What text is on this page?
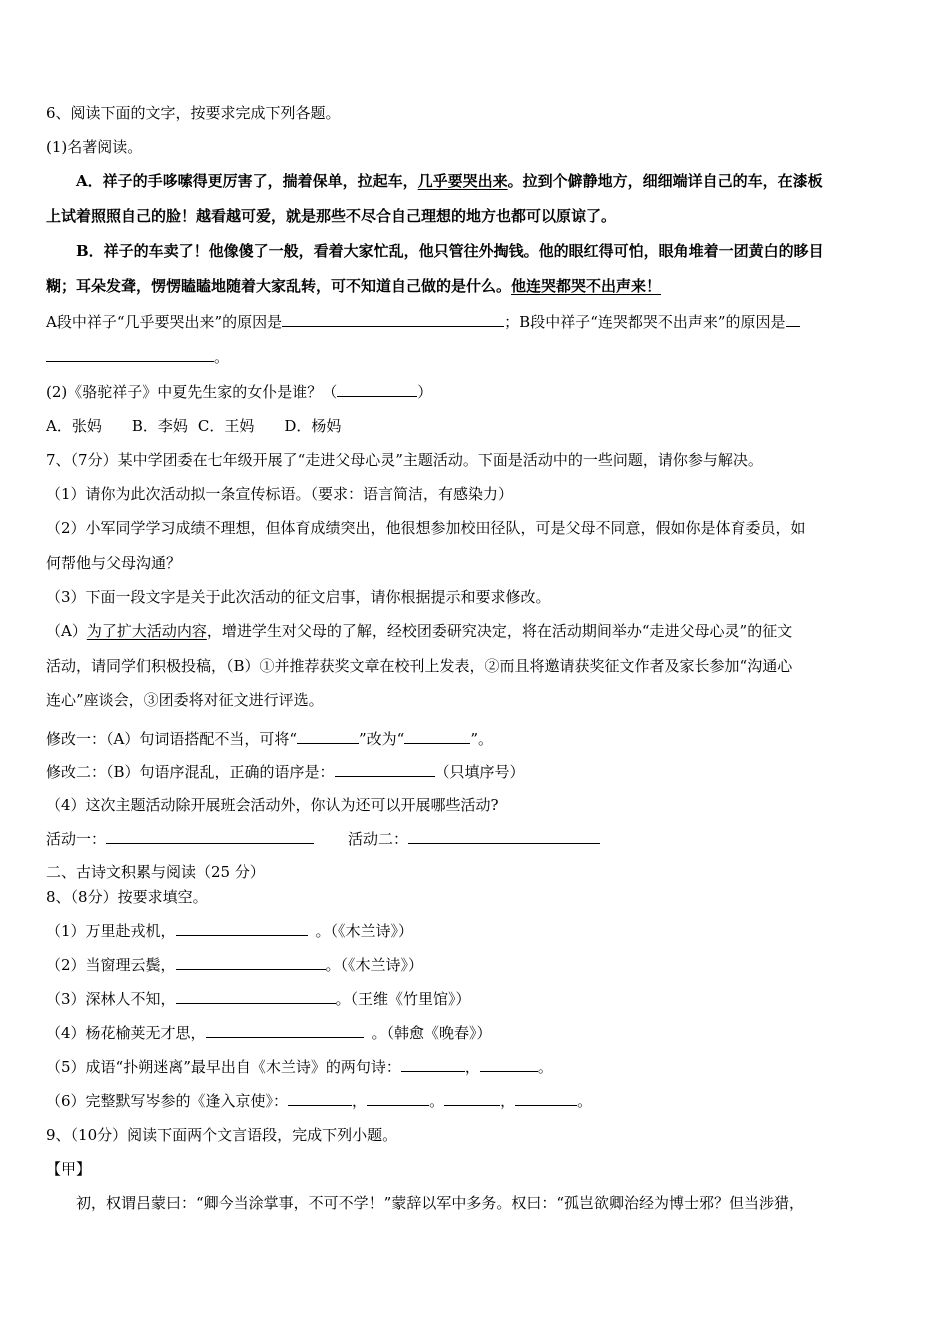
6、阅读下面的文字，按要求完成下列各题。
(1)名著阅读。
A．祥子的手哆嗦得更厉害了，揣着保单，拉起车，几乎要哭出来。拉到个僻静地方，细细端详自己的车，在漆板
上试着照照自己的脸！越看越可爱，就是那些不尽合自己理想的地方也都可以原谅了。
B．祥子的车卖了！他像傻了一般，看着大家忙乱，他只管往外掏钱。他的眼红得可怕，眼角堆着一团黄白的眵目
糊；耳朵发聋，愣愣瞌瞌地随着大家乱转，可不知道自己做的是什么。他连哭都哭不出声来！
A段中祥子“几乎要哭出来”的原因是	；B段中祥子“连哭都哭不出声来”的原因是
。
(2)《骆驼祥子》中夏先生家的女仆是谁？（	）
A．张妈 B．李妈 C．王妈 D．杨妈
7、（7分）某中学团委在七年级开展了“走进父母心灵”主题活动。下面是活动中的一些问题，请你参与解决。
（1）请你为此次活动拟一条宣传标语。（要求：语言简洁，有感染力）
（2）小军同学学习成绩不理想，但体育成绩突出，他很想参加校田径队，可是父母不同意，假如你是体育委员，如
何帮他与父母沟通？
（3）下面一段文字是关于此次活动的征文启事，请你根据提示和要求修改。
（A）为了扩大活动内容，增进学生对父母的了解，经校团委研究决定，将在活动期间举办“走进父母心灵”的征文
活动，请同学们积极投稿，（B）①并推荐获奖文章在校刊上发表，②而且将邀请获奖征文作者及家长参加“沟通心
连心”座谈会，③团委将对征文进行评选。
修改一：（A）句词语搭配不当，可将“	”改为“	”。
修改二：（B）句语序混乱，正确的语序是：	（只填序号）
（4）这次主题活动除开展班会活动外，你认为还可以开展哪些活动?
活动一：	活动二：
二、古诗文积累与阅读（25 分）
8、（8分）按要求填空。
（1）万里赴戎机，	。（《木兰诗》）
（2）当窗理云鬓，	。（《木兰诗》）
（3）深林人不知，	。（王维《竹里馆》）
（4）杨花榆荚无才思，	。（韩愈《晚春》）
（5）成语“扑朔迷离”最早出自《木兰诗》的两句诗：	，	。
（6）完整默写岑参的《逢入京使》：	，	。	，	。
9、（10分）阅读下面两个文言语段，完成下列小题。
【甲】
初，权谓吕蒙曰：“卿今当涂掌事，不可不学！”蒙辞以军中多务。权曰：“孤岂欲卿治经为博士邪？但当涉猎，
